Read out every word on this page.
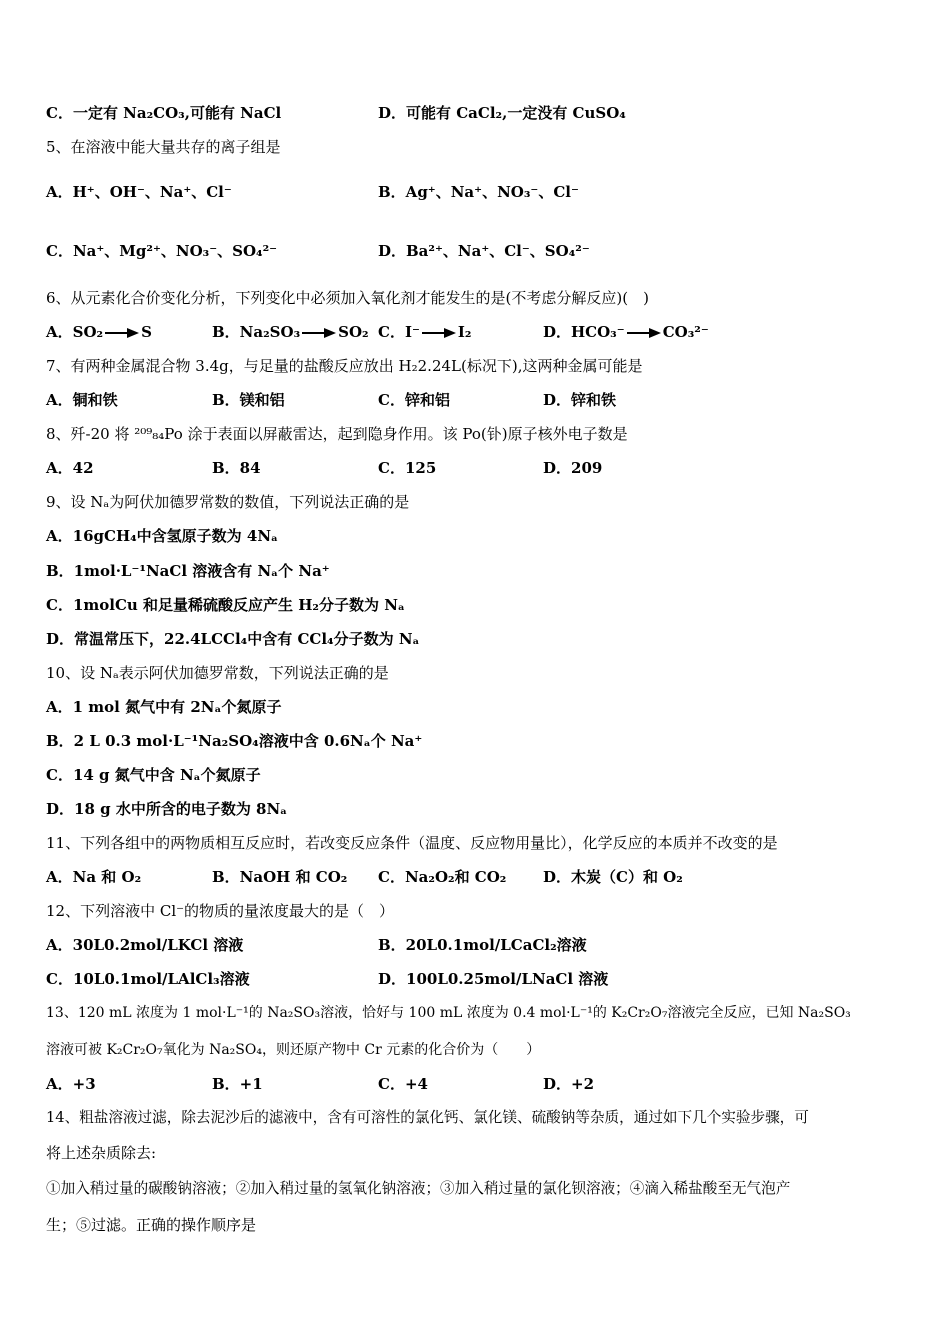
C．一定有 Na₂CO₃,可能有 NaCl	D．可能有 CaCl₂,一定没有 CuSO₄
5、在溶液中能大量共存的离子组是
A．H⁺、OH⁻、Na⁺、Cl⁻	B．Ag⁺、Na⁺、NO₃⁻、Cl⁻
C．Na⁺、Mg²⁺、NO₃⁻、SO₄²⁻	D．Ba²⁺、Na⁺、Cl⁻、SO₄²⁻
6、从元素化合价变化分析，下列变化中必须加入氧化剂才能发生的是(不考虑分解反应)(　)
A．SO₂ → S	B．Na₂SO₃ → SO₂ C．I⁻ → I₂	D．HCO₃⁻ → CO₃²⁻
7、有两种金属混合物 3.4g，与足量的盐酸反应放出 H₂2.24L(标况下),这两种金属可能是
A．铜和铁	B．镁和铝	C．锌和铝	D．锌和铁
8、歼-20 将 ²⁰⁹₈₄Po 涂于表面以屏蔽雷达，起到隐身作用。该 Po(钋)原子核外电子数是
A．42	B．84	C．125	D．209
9、设 Nₐ为阿伏加德罗常数的数值，下列说法正确的是
A．16gCH₄中含氢原子数为 4Nₐ
B．1mol·L⁻¹NaCl 溶液含有 Nₐ个 Na⁺
C．1molCu 和足量稀硫酸反应产生 H₂分子数为 Nₐ
D．常温常压下，22.4LCCl₄中含有 CCl₄分子数为 Nₐ
10、设 Nₐ表示阿伏加德罗常数，下列说法正确的是
A．1 mol 氮气中有 2Nₐ个氮原子
B．2 L 0.3 mol·L⁻¹Na₂SO₄溶液中含 0.6Nₐ个 Na⁺
C．14 g 氮气中含 Nₐ个氮原子
D．18 g 水中所含的电子数为 8Nₐ
11、下列各组中的两物质相互反应时，若改变反应条件（温度、反应物用量比），化学反应的本质并不改变的是
A．Na 和 O₂	B．NaOH 和 CO₂ C．Na₂O₂和 CO₂ D．木炭（C）和 O₂
12、下列溶液中 Cl⁻的物质的量浓度最大的是（　）
A．30L0.2mol/LKCl 溶液	B．20L0.1mol/LCaCl₂溶液
C．10L0.1mol/LAlCl₃溶液	D．100L0.25mol/LNaCl 溶液
13、120 mL 浓度为 1 mol·L⁻¹的 Na₂SO₃溶液，恰好与 100 mL 浓度为 0.4 mol·L⁻¹的 K₂Cr₂O₇溶液完全反应，已知 Na₂SO₃
溶液可被 K₂Cr₂O₇氧化为 Na₂SO₄，则还原产物中 Cr 元素的化合价为（　　）
A．+3	B．+1	C．+4	D．+2
14、粗盐溶液过滤，除去泥沙后的滤液中，含有可溶性的氯化钙、氯化镁、硫酸钠等杂质，通过如下几个实验步骤，可
将上述杂质除去:
①加入稍过量的碳酸钠溶液；②加入稍过量的氢氧化钠溶液；③加入稍过量的氯化钡溶液；④滴入稀盐酸至无气泡产
生；⑤过滤。正确的操作顺序是
